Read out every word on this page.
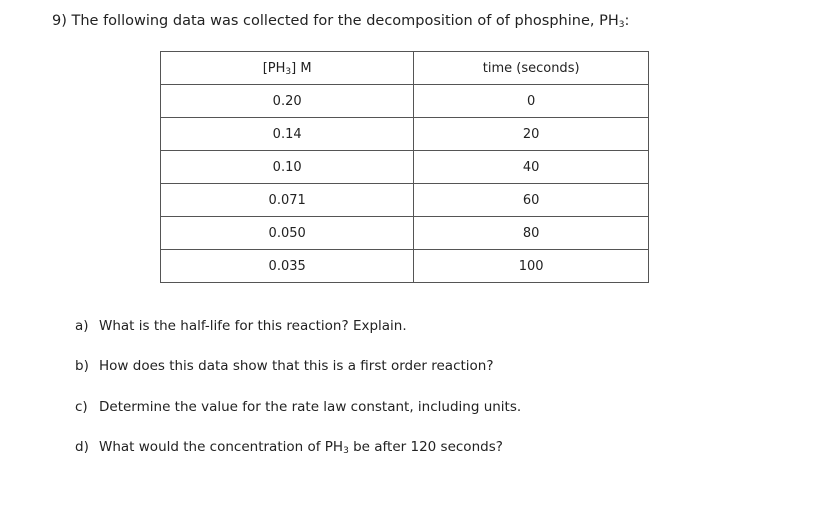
9) The following data was collected for the decomposition of of phosphine, $PH_3$:
$[PH_3]$ M	time (seconds)
0.20	0
0.14	20
0.10	40
0.071	60
0.050	80
0.035	100
a) What is the half-life for this reaction? Explain.
b) How does this data show that this is a first order reaction?
c) Determine the value for the rate law constant, including units.
d) What would the concentration of $PH_3$ be after 120 seconds?
